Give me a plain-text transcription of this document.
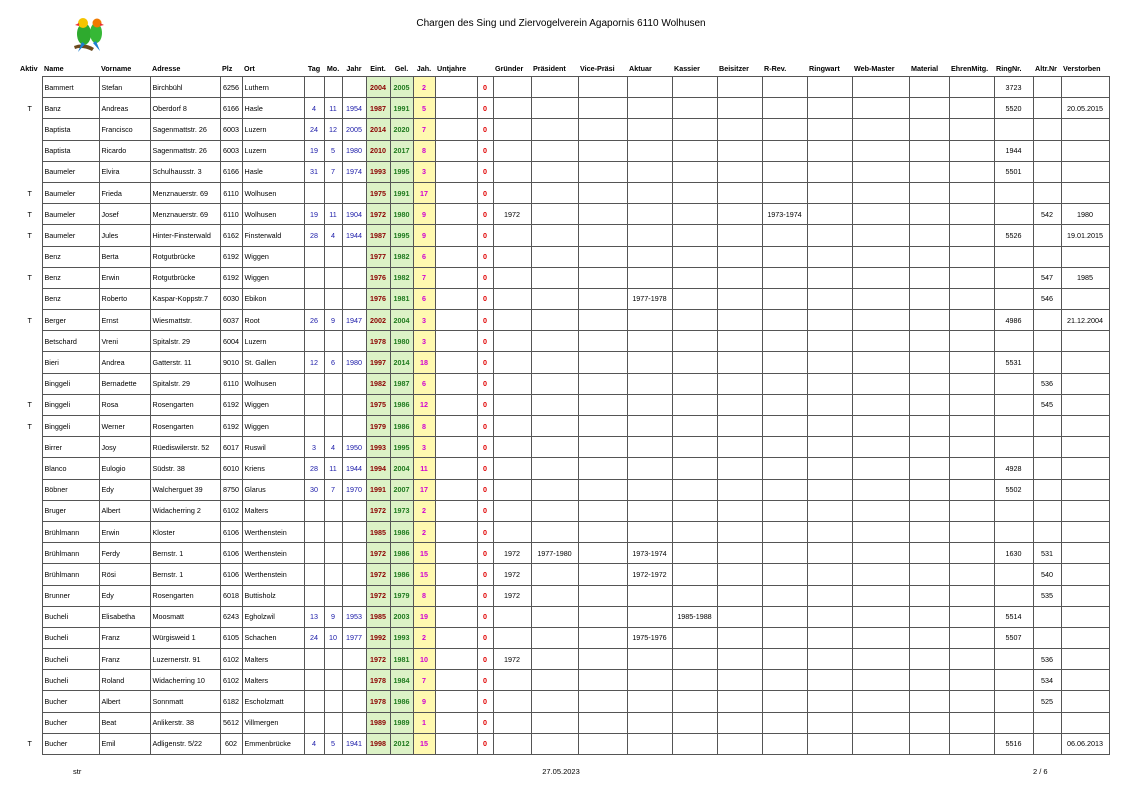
Chargen des Sing und Ziervogelverein Agapornis 6110 Wolhusen
Aktiv	Name	Vorname	Adresse	Plz	Ort	Tag	Mo.	Jahr	Eint.	Gel.	Jah.	Untjahre		Gründer	Präsident	Vice-Präsi	Aktuar	Kassier	Beisitzer	R-Rev.	Ringwart	Web-Master	Material	EhrenMitg.	RingNr.	Altr.Nr	Verstorben
	Bammert	Stefan	Birchbühl	6256	Luthern				2004	2005	2		0												3723		
T	Banz	Andreas	Oberdorf 8	6166	Hasle	4	11	1954	1987	1991	5		0												5520		20.05.2015
	Baptista	Francisco	Sagenmattstr. 26	6003	Luzern	24	12	2005	2014	2020	7		0														
	Baptista	Ricardo	Sagenmattstr. 26	6003	Luzern	19	5	1980	2010	2017	8		0												1944		
	Baumeler	Elvira	Schulhausstr. 3	6166	Hasle	31	7	1974	1993	1995	3		0												5501		
T	Baumeler	Frieda	Menznauerstr. 69	6110	Wolhusen				1975	1991	17		0														
T	Baumeler	Josef	Menznauerstr. 69	6110	Wolhusen	19	11	1904	1972	1980	9		0	1972						1973-1974						542	1980
T	Baumeler	Jules	Hinter-Finsterwald	6162	Finsterwald	28	4	1944	1987	1995	9		0												5526		19.01.2015
	Benz	Berta	Rotgutbrücke	6192	Wiggen				1977	1982	6		0														
T	Benz	Erwin	Rotgutbrücke	6192	Wiggen				1976	1982	7		0													547	1985
	Benz	Roberto	Kaspar-Koppstr.7	6030	Ebikon				1976	1981	6		0				1977-1978									546	
T	Berger	Ernst	Wiesmattstr.	6037	Root	26	9	1947	2002	2004	3		0												4986		21.12.2004
	Betschard	Vreni	Spitalstr. 29	6004	Luzern				1978	1980	3		0														
	Bieri	Andrea	Gatterstr. 11	9010	St. Gallen	12	6	1980	1997	2014	18		0												5531		
	Binggeli	Bernadette	Spitalstr. 29	6110	Wolhusen				1982	1987	6		0													536	
T	Binggeli	Rosa	Rosengarten	6192	Wiggen				1975	1986	12		0													545	
T	Binggeli	Werner	Rosengarten	6192	Wiggen				1979	1986	8		0														
	Birrer	Josy	Rüediswilerstr. 52	6017	Ruswil	3	4	1950	1993	1995	3		0														
	Blanco	Eulogio	Südstr. 38	6010	Kriens	28	11	1944	1994	2004	11		0												4928		
	Böbner	Edy	Walcherguet 39	8750	Glarus	30	7	1970	1991	2007	17		0												5502		
	Bruger	Albert	Widacherring 2	6102	Malters				1972	1973	2		0														
	Brühlmann	Erwin	Kloster	6106	Werthenstein				1985	1986	2		0														
	Brühlmann	Ferdy	Bernstr. 1	6106	Werthenstein				1972	1986	15		0	1972	1977-1980		1973-1974								1630	531	
	Brühlmann	Rösi	Bernstr. 1	6106	Werthenstein				1972	1986	15		0	1972			1972-1972									540	
	Brunner	Edy	Rosengarten	6018	Buttisholz				1972	1979	8		0	1972												535	
	Bucheli	Elisabetha	Moosmatt	6243	Egholzwil	13	9	1953	1985	2003	19		0					1985-1988							5514		
	Bucheli	Franz	Würgisweid 1	6105	Schachen	24	10	1977	1992	1993	2		0				1975-1976								5507		
	Bucheli	Franz	Luzernerstr. 91	6102	Malters				1972	1981	10		0	1972												536	
	Bucheli	Roland	Widacherring 10	6102	Malters				1978	1984	7		0													534	
	Bucher	Albert	Sonnmatt	6182	Escholzmatt				1978	1986	9		0													525	
	Bucher	Beat	Anlikerstr. 38	5612	Villmergen				1989	1989	1		0														
T	Bucher	Emil	Adligenstr. 5/22	602	Emmenbrücke	4	5	1941	1998	2012	15		0												5516		06.06.2013
str	27.05.2023	2 / 6
